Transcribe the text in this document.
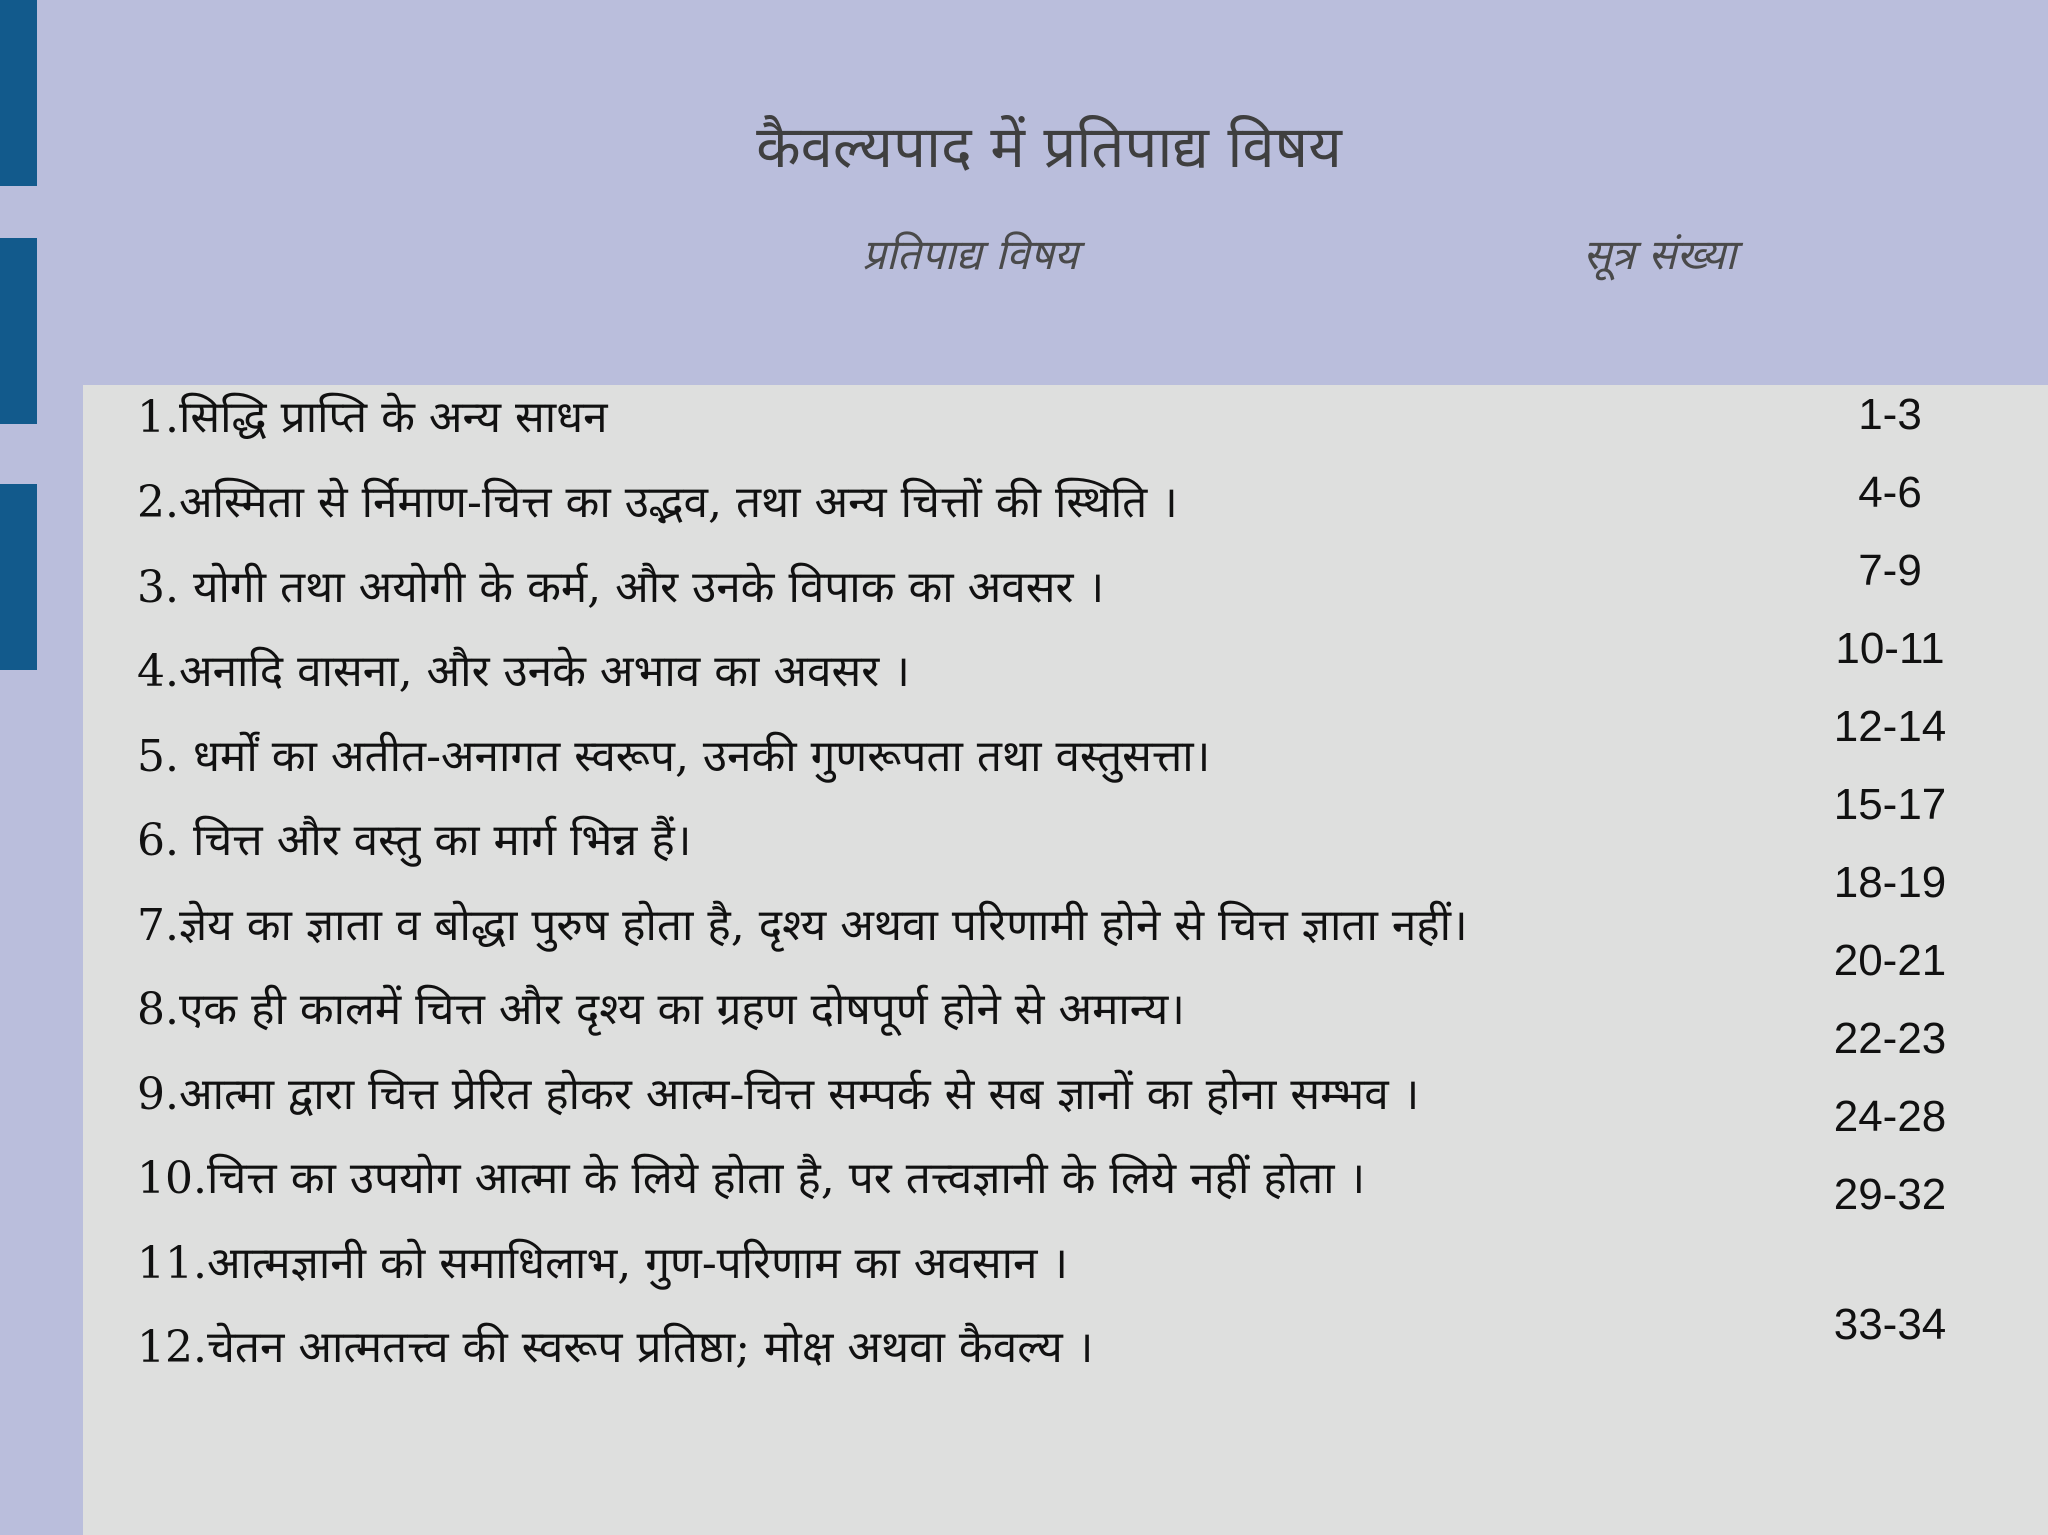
कैवल्यपाद में प्रतिपाद्य विषय
प्रतिपाद्य विषय	सूत्र संख्या
1.सिद्धि प्राप्ति के अन्य साधन
2.अस्मिता से र्निमाण-चित्त का उद्भव, तथा अन्य चित्तों की स्थिति ।
3. योगी तथा अयोगी के कर्म, और उनके विपाक का अवसर ।
4.अनादि वासना, और उनके अभाव का अवसर ।
5. धर्मों का अतीत-अनागत स्वरूप, उनकी गुणरूपता तथा वस्तुसत्ता।
6. चित्त और वस्तु का मार्ग भिन्न हैं।
7.ज्ञेय का ज्ञाता व बोद्धा पुरुष होता है, दृश्य अथवा परिणामी होने से चित्त ज्ञाता नहीं।
8.एक ही कालमें चित्त और दृश्य का ग्रहण दोषपूर्ण होने से अमान्य।
9.आत्मा द्वारा चित्त प्रेरित होकर आत्म-चित्त सम्पर्क से सब ज्ञानों का होना सम्भव ।
10.चित्त का उपयोग आत्मा के लिये होता है, पर तत्त्वज्ञानी के लिये नहीं होता ।
11.आत्मज्ञानी को समाधिलाभ, गुण-परिणाम का अवसान ।
12.चेतन आत्मतत्त्व की स्वरूप प्रतिष्ठा; मोक्ष अथवा कैवल्य ।
1-3
4-6
7-9
10-11
12-14
15-17
18-19
20-21
22-23
24-28
29-32
33-34
